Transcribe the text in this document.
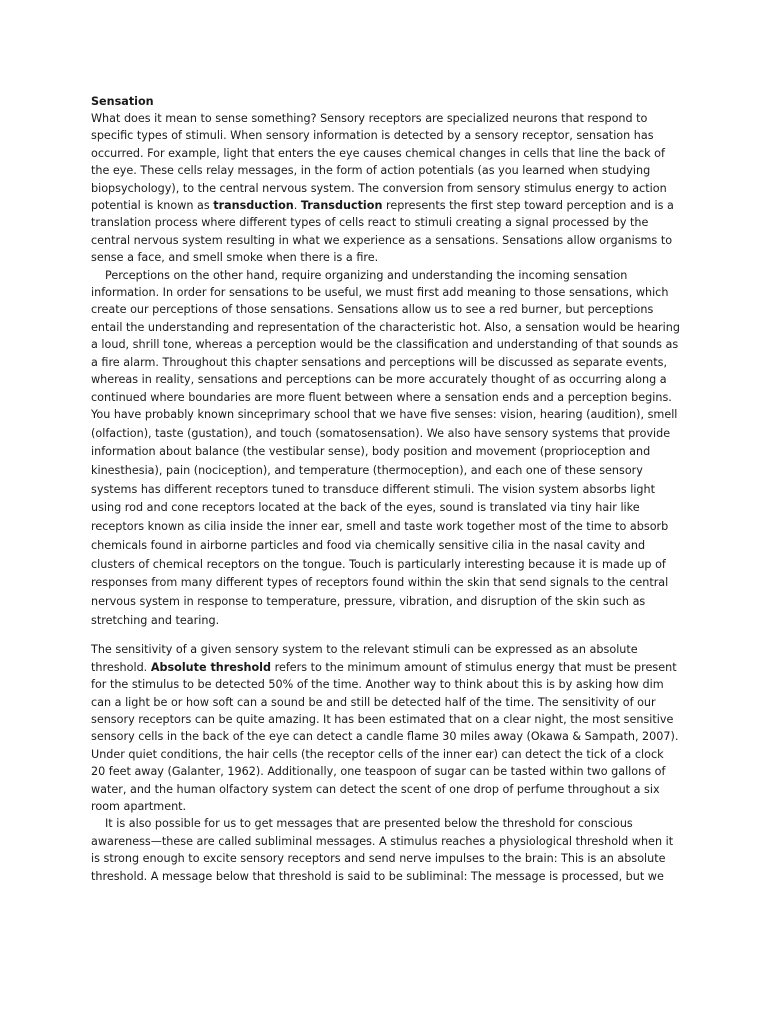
Sensation

What does it mean to sense something? Sensory receptors are specialized neurons that respond to specific types of stimuli. When sensory information is detected by a sensory receptor, sensation has occurred. For example, light that enters the eye causes chemical changes in cells that line the back of the eye. These cells relay messages, in the form of action potentials (as you learned when studying biopsychology), to the central nervous system. The conversion from sensory stimulus energy to action potential is known as transduction. Transduction represents the first step toward perception and is a translation process where different types of cells react to stimuli creating a signal processed by the central nervous system resulting in what we experience as a sensations. Sensations allow organisms to sense a face, and smell smoke when there is a fire.

Perceptions on the other hand, require organizing and understanding the incoming sensation information. In order for sensations to be useful, we must first add meaning to those sensations, which create our perceptions of those sensations. Sensations allow us to see a red burner, but perceptions entail the understanding and representation of the characteristic hot. Also, a sensation would be hearing a loud, shrill tone, whereas a perception would be the classification and understanding of that sounds as a fire alarm. Throughout this chapter sensations and perceptions will be discussed as separate events, whereas in reality, sensations and perceptions can be more accurately thought of as occurring along a continued where boundaries are more fluent between where a sensation ends and a perception begins.

You have probably known sinceprimary school that we have five senses: vision, hearing (audition), smell (olfaction), taste (gustation), and touch (somatosensation). We also have sensory systems that provide information about balance (the vestibular sense), body position and movement (proprioception and kinesthesia), pain (nociception), and temperature (thermoception), and each one of these sensory systems has different receptors tuned to transduce different stimuli. The vision system absorbs light using rod and cone receptors located at the back of the eyes, sound is translated via tiny hair like receptors known as cilia inside the inner ear, smell and taste work together most of the time to absorb chemicals found in airborne particles and food via chemically sensitive cilia in the nasal cavity and clusters of chemical receptors on the tongue. Touch is particularly interesting because it is made up of responses from many different types of receptors found within the skin that send signals to the central nervous system in response to temperature, pressure, vibration, and disruption of the skin such as stretching and tearing.

The sensitivity of a given sensory system to the relevant stimuli can be expressed as an absolute threshold. Absolute threshold refers to the minimum amount of stimulus energy that must be present for the stimulus to be detected 50% of the time. Another way to think about this is by asking how dim can a light be or how soft can a sound be and still be detected half of the time. The sensitivity of our sensory receptors can be quite amazing. It has been estimated that on a clear night, the most sensitive sensory cells in the back of the eye can detect a candle flame 30 miles away (Okawa & Sampath, 2007). Under quiet conditions, the hair cells (the receptor cells of the inner ear) can detect the tick of a clock 20 feet away (Galanter, 1962). Additionally, one teaspoon of sugar can be tasted within two gallons of water, and the human olfactory system can detect the scent of one drop of perfume throughout a six room apartment.

It is also possible for us to get messages that are presented below the threshold for conscious awareness—these are called subliminal messages. A stimulus reaches a physiological threshold when it is strong enough to excite sensory receptors and send nerve impulses to the brain: This is an absolute threshold. A message below that threshold is said to be subliminal: The message is processed, but we
